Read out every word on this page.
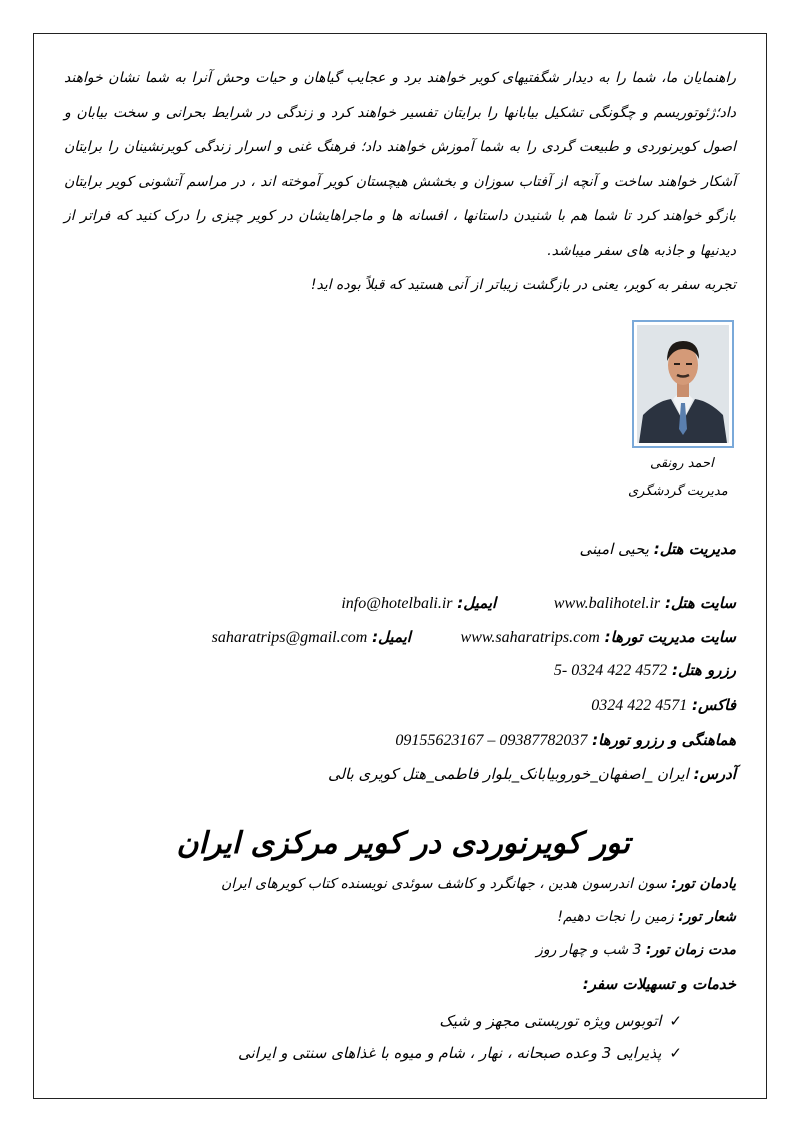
راهنمایان ما، شما را به دیدار شگفتیهای کویر خواهند برد و عجایب گیاهان و حیات وحش آنرا به شما نشان خواهند داد؛ژئوتوریسم و چگونگی تشکیل بیابانها را برایتان تفسیر خواهند کرد و زندگی در شرایط بحرانی و سخت بیابان و اصول کویرنوردی و طبیعت گردی را به شما آموزش خواهند داد؛ فرهنگ غنی و اسرار زندگی کویرنشینان را برایتان آشکار خواهند ساخت و آنچه از آفتاب سوزان و بخشش هیچستان کویر آموخته اند ، در مراسم آتشونی کویر برایتان بازگو خواهند کرد تا شما هم با شنیدن داستانها ، افسانه ها و ماجراهایشان در کویر چیزی را درک کنید که فراتر از دیدنیها و جاذبه های سفر میباشد.

تجربه سفر به کویر، یعنی در بازگشت زیباتر از آنی هستید که قبلاً بوده اید!

احمد رونقی
مدیریت گردشگری
مدیریت هتل: یحیی امینی
سایت هتل: www.balihotel.ir  ایمیل: info@hotelbali.ir
سایت مدیریت تورها: www.saharatrips.com  ایمیل: saharatrips@gmail.com
رزرو هتل: 5- 0324 422 4572
فاکس: 0324 422 4571
هماهنگی و رزرو تورها: 09155623167 – 09387782037
آدرس: ایران _اصفهان_خوروبیابانک_بلوار فاطمی_هتل کویری بالی
تور کویرنوردی در کویر مرکزی ایران
یادمان تور: سون اندرسون هدین ، جهانگرد و کاشف سوئدی نویسنده کتاب کویرهای ایران
شعار تور: زمین را نجات دهیم!
مدت زمان تور: 3 شب و چهار روز
خدمات و تسهیلات سفر:
✓اتوبوس ویژه توریستی مجهز و شیک
✓پذیرایی 3 وعده صبحانه ، نهار ، شام و میوه با غذاهای سنتی و ایرانی
